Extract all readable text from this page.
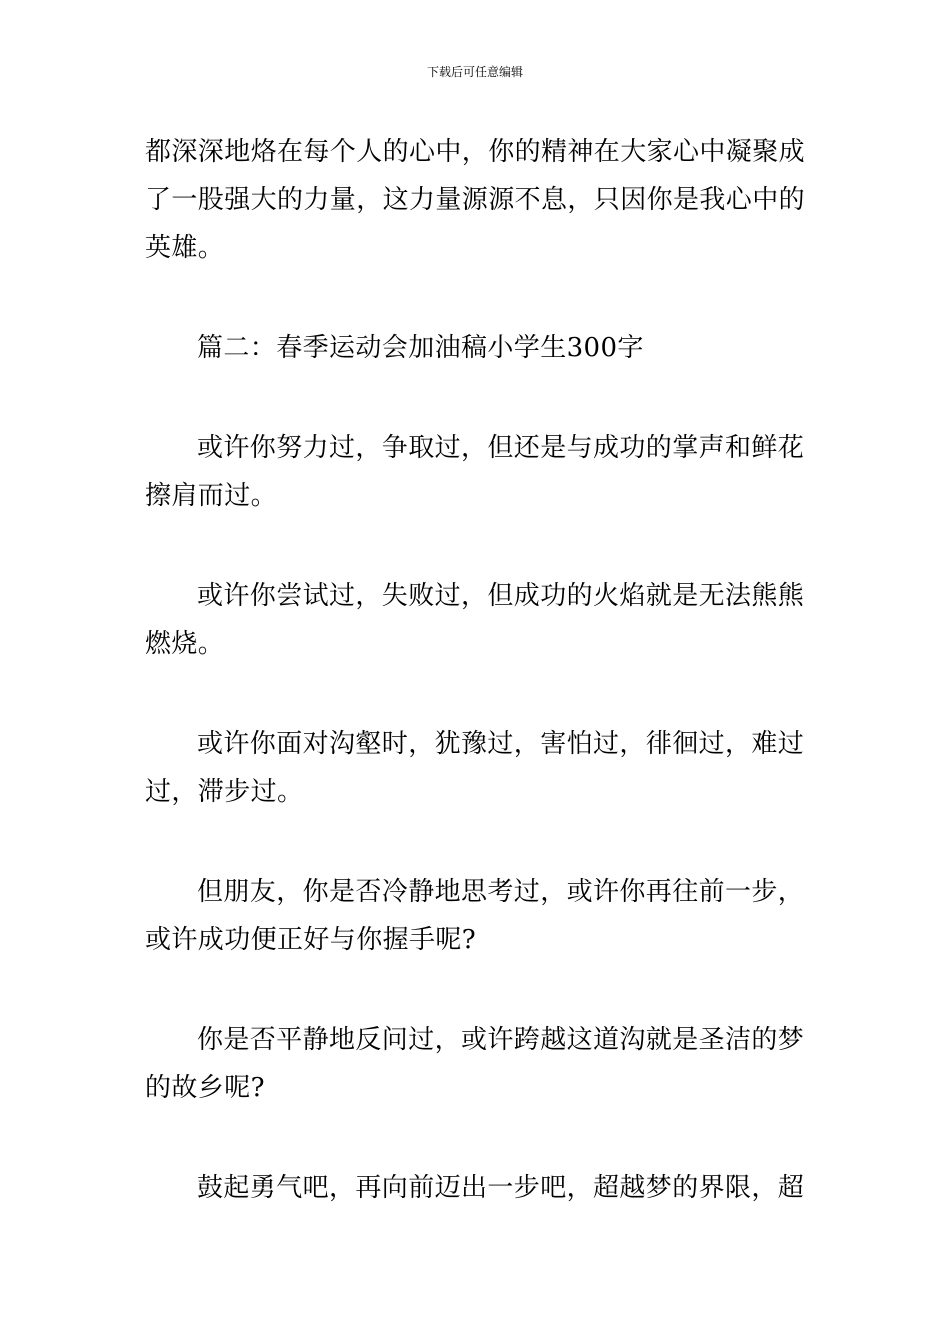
下载后可任意编辑

都深深地烙在每个人的心中，你的精神在大家心中凝聚成了一股强大的力量，这力量源源不息，只因你是我心中的英雄。

篇二：春季运动会加油稿小学生300字

或许你努力过，争取过，但还是与成功的掌声和鲜花擦肩而过。

或许你尝试过，失败过，但成功的火焰就是无法熊熊燃烧。

或许你面对沟壑时，犹豫过，害怕过，徘徊过，难过过，滞步过。

但朋友，你是否冷静地思考过，或许你再往前一步，或许成功便正好与你握手呢?

你是否平静地反问过，或许跨越这道沟就是圣洁的梦的故乡呢?

鼓起勇气吧，再向前迈出一步吧，超越梦的界限，超
